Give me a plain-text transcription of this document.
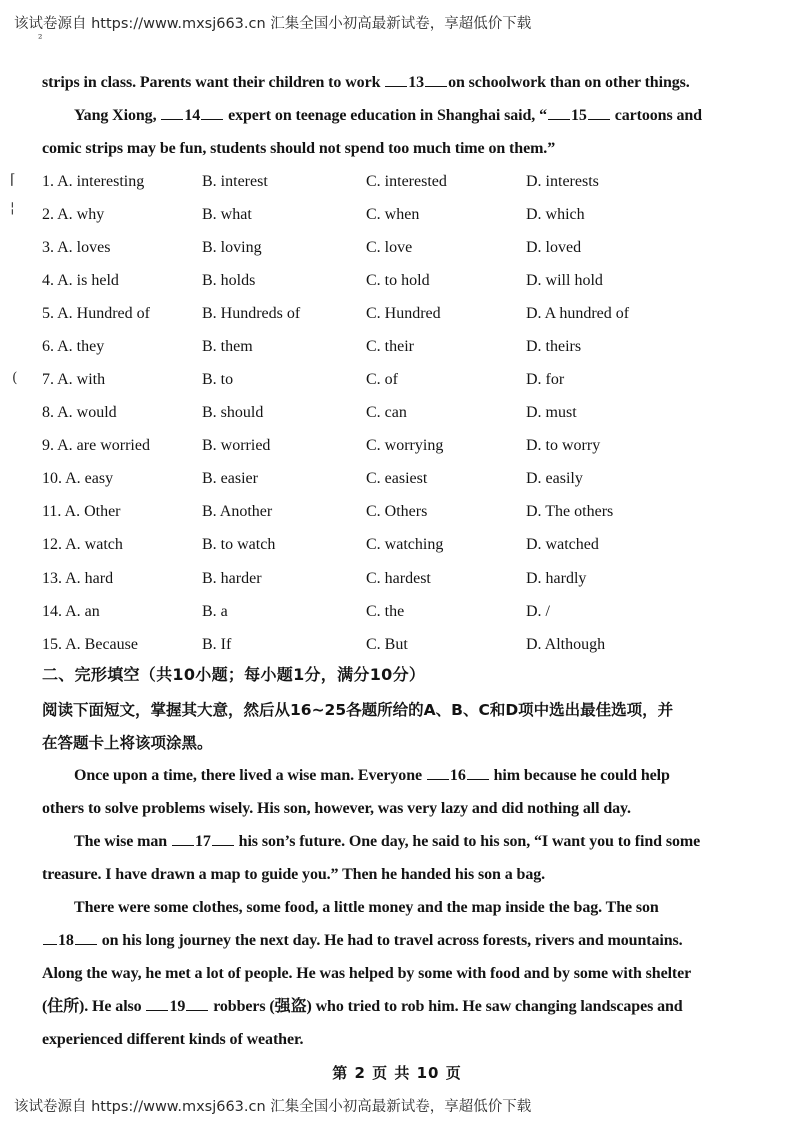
该试卷源自 https://www.mxsj663.cn 汇集全国小初高最新试卷，享超低价下载
²
⌈
¦
(

strips in class. Parents want their children to work 13 on schoolwork than on other things.

Yang Xiong, 14 expert on teenage education in Shanghai said, “ 15 cartoons and

comic strips may be fun, students should not spend too much time on them.”

1. A. interesting	B. interest	C. interested	D. interests
2. A. why	B. what	C. when	D. which
3. A. loves	B. loving	C. love	D. loved
4. A. is held	B. holds	C. to hold	D. will hold
5. A. Hundred of	B. Hundreds of	C. Hundred	D. A hundred of
6. A. they	B. them	C. their	D. theirs
7. A. with	B. to	C. of	D. for
8. A. would	B. should	C. can	D. must
9. A. are worried	B. worried	C. worrying	D. to worry
10. A. easy	B. easier	C. easiest	D. easily
11. A. Other	B. Another	C. Others	D. The others
12. A. watch	B. to watch	C. watching	D. watched
13. A. hard	B. harder	C. hardest	D. hardly
14. A. an	B. a	C. the	D. /
15. A. Because	B. If	C. But	D. Although
二、完形填空（共10小题；每小题1分，满分10分）
阅读下面短文，掌握其大意，然后从16~25各题所给的A、B、C和D项中选出最佳选项，并
在答题卡上将该项涂黑。

Once upon a time, there lived a wise man. Everyone 16 him because he could help

others to solve problems wisely. His son, however, was very lazy and did nothing all day.

The wise man 17 his son’s future. One day, he said to his son, “I want you to find some

treasure. I have drawn a map to guide you.” Then he handed his son a bag.

There were some clothes, some food, a little money and the map inside the bag. The son

18 on his long journey the next day. He had to travel across forests, rivers and mountains.

Along the way, he met a lot of people. He was helped by some with food and by some with shelter

(住所). He also 19 robbers (强盗) who tried to rob him. He saw changing landscapes and

experienced different kinds of weather.

第 2 页 共 10 页
该试卷源自 https://www.mxsj663.cn 汇集全国小初高最新试卷，享超低价下载
